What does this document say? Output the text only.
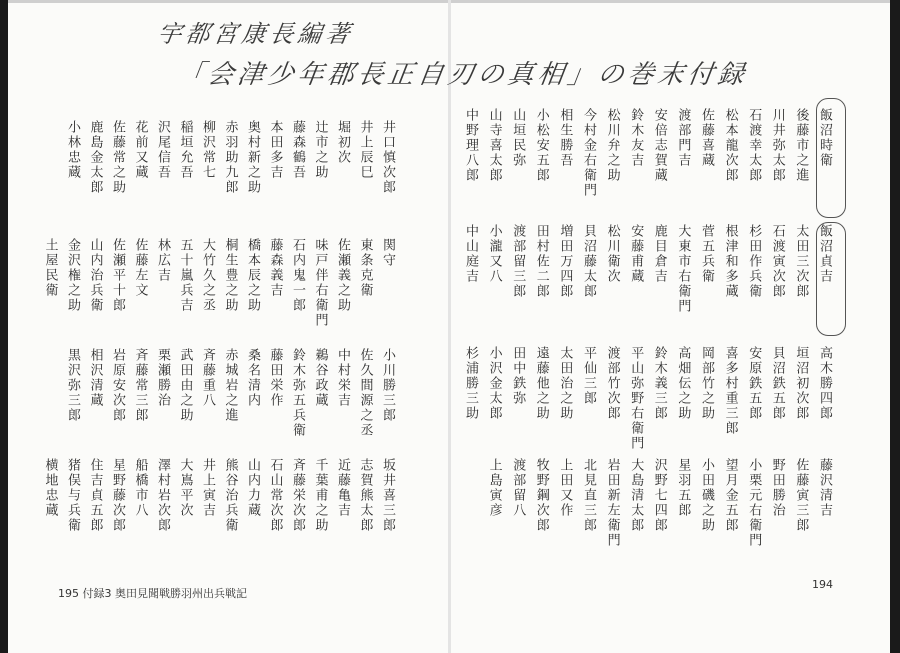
宇都宮康長編著
「会津少年郡長正自刃の真相」の巻末付録
井口慎次郎
井上辰巳
堀初次
辻市之助
藤森鶴吾
本田多吉
奥村新之助
赤羽助九郎
柳沢常七
稲垣允吾
沢尾信吾
花前又蔵
佐藤常之助
鹿島金太郎
小林忠蔵
関守
東条克衛
佐瀬義之助
味戸伴右衛門
石内鬼一郎
藤森義吉
橋本辰之助
桐生豊之助
大竹久之丞
五十嵐兵吉
林広吉
佐藤左文
佐瀬平十郎
山内治兵衛
金沢権之助
土屋民衛
小川勝三郎
佐久間源之丞
中村栄吉
鵜谷政蔵
鈴木弥五兵衛
藤田栄作
桑名清内
赤城岩之進
斉藤重八
武田由之助
栗瀬勝治
斉藤常三郎
岩原安次郎
相沢清蔵
黒沢弥三郎
坂井喜三郎
志賀熊太郎
近藤亀吉
千葉甫之助
斉藤栄次郎
石山常次郎
山内力蔵
熊谷治兵衛
井上寅吉
大嶌平次
澤村岩次郎
船橋市八
星野藤次郎
住吉貞五郎
猪俣与兵衛
横地忠蔵
飯沼時衛
後藤市之進
川井弥太郎
石渡幸太郎
松本龍次郎
佐藤喜蔵
渡部門吉
安倍志賀蔵
鈴木友吉
松川弁之助
今村金右衛門
相生勝吾
小松安五郎
山垣民弥
山寺喜太郎
中野理八郎
飯沼貞吉
太田三次郎
石渡寅次郎
杉田作兵衛
根津和多蔵
菅五兵衛
大東市右衛門
鹿目倉吉
安藤甫蔵
松川衛次
貝沼藤太郎
増田万四郎
田村佐二郎
渡部留三郎
小瀧又八
中山庭吉
高木勝四郎
垣沼初次郎
貝沼鉄五郎
安原鉄五郎
喜多村重三郎
岡部竹之助
高畑伝之助
鈴木義三郎
平山弥野右衛門
渡部竹次郎
平仙三郎
太田治之助
遠藤他之助
田中鉄弥
小沢金太郎
杉浦勝三助
藤沢清吉
佐藤寅三郎
野田勝治
小栗元右衛門
望月金五郎
小田磯之助
星羽五郎
沢野七四郎
大島清太郎
岩田新左衛門
北見直三郎
上田又作
牧野鋼次郎
渡部留八
上島寅彦
195 付録3 奥田見聞戦勝羽州出兵戦記
194
